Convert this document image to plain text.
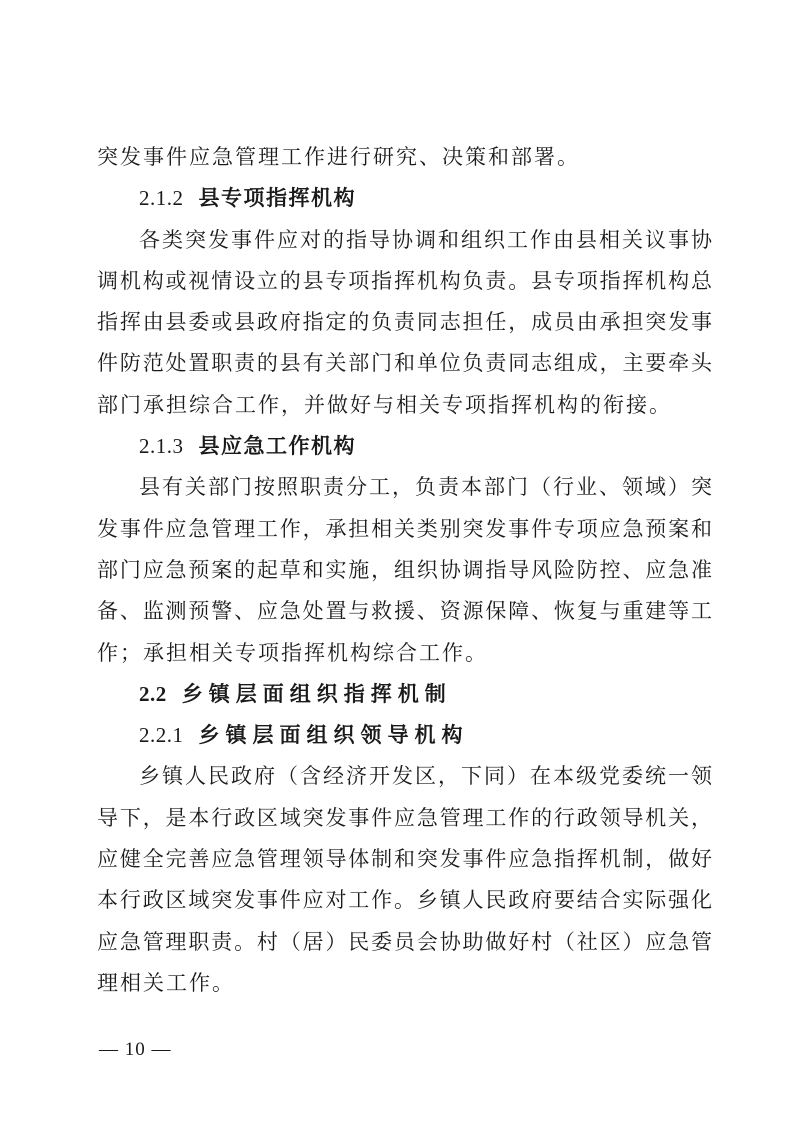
突发事件应急管理工作进行研究、决策和部署。
2.1.2 县专项指挥机构
各类突发事件应对的指导协调和组织工作由县相关议事协
调机构或视情设立的县专项指挥机构负责。县专项指挥机构总
指挥由县委或县政府指定的负责同志担任，成员由承担突发事
件防范处置职责的县有关部门和单位负责同志组成，主要牵头
部门承担综合工作，并做好与相关专项指挥机构的衔接。
2.1.3 县应急工作机构
县有关部门按照职责分工，负责本部门（行业、领域）突
发事件应急管理工作，承担相关类别突发事件专项应急预案和
部门应急预案的起草和实施，组织协调指导风险防控、应急准
备、监测预警、应急处置与救援、资源保障、恢复与重建等工
作；承担相关专项指挥机构综合工作。
2.2 乡镇层面组织指挥机制
2.2.1 乡镇层面组织领导机构
乡镇人民政府（含经济开发区，下同）在本级党委统一领
导下，是本行政区域突发事件应急管理工作的行政领导机关，
应健全完善应急管理领导体制和突发事件应急指挥机制，做好
本行政区域突发事件应对工作。乡镇人民政府要结合实际强化
应急管理职责。村（居）民委员会协助做好村（社区）应急管
理相关工作。
— 10 —
